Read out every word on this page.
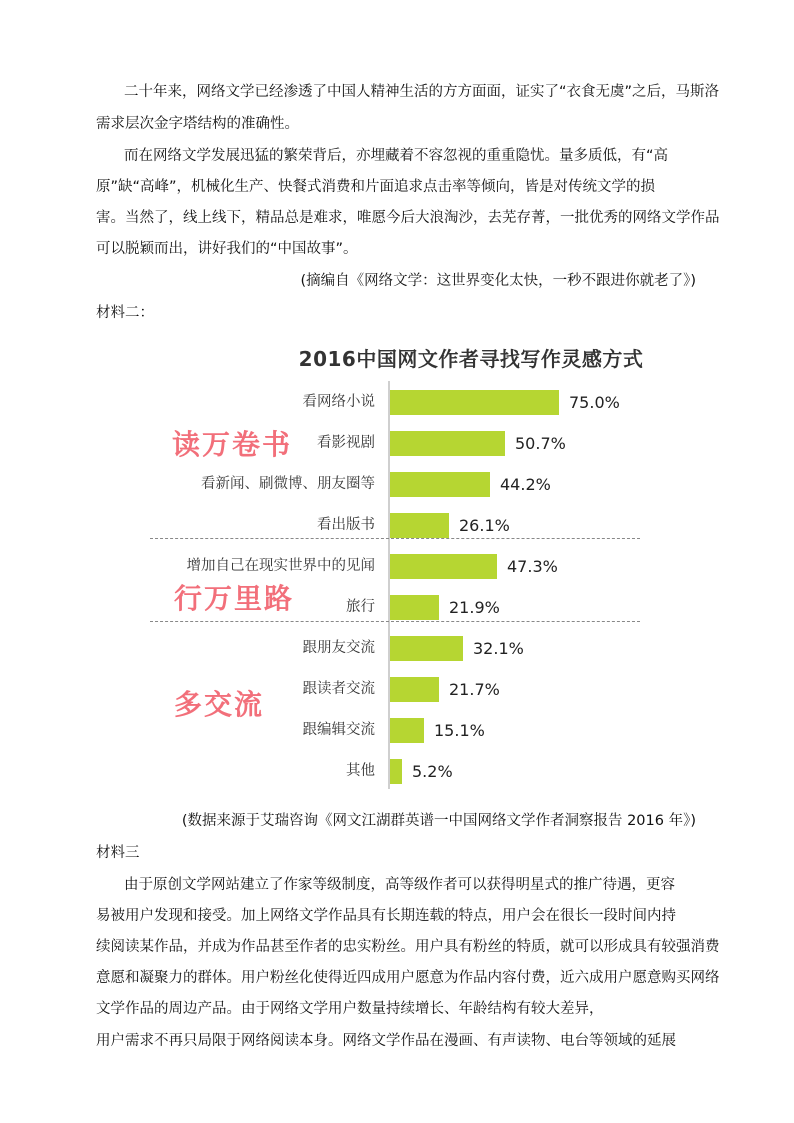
二十年来，网络文学已经渗透了中国人精神生活的方方面面，证实了“衣食无虞”之后，马斯洛
需求层次金字塔结构的准确性。
而在网络文学发展迅猛的繁荣背后，亦埋藏着不容忽视的重重隐忧。量多质低，有“高
原”缺“高峰”，机械化生产、快餐式消费和片面追求点击率等倾向，皆是对传统文学的损
害。当然了，线上线下，精品总是难求，唯愿今后大浪淘沙，去芜存菁，一批优秀的网络文学作品
可以脱颖而出，讲好我们的“中国故事”。
(摘编自《网络文学：这世界变化太快，一秒不跟进你就老了》)
材料二：
2016中国网文作者寻找写作灵感方式
看网络小说	75.0%
看影视剧	50.7%
看新闻、刷微博、朋友圈等	44.2%
看出版书	26.1%
增加自己在现实世界中的见闻	47.3%
旅行	21.9%
跟朋友交流	32.1%
跟读者交流	21.7%
跟编辑交流	15.1%
其他 5.2%
读万卷书
行万里路
多交流
(数据来源于艾瑞咨询《网文江湖群英谱一中国网络文学作者洞察报告 2016 年》)
材料三
由于原创文学网站建立了作家等级制度，高等级作者可以获得明星式的推广待遇，更容
易被用户发现和接受。加上网络文学作品具有长期连载的特点，用户会在很长一段时间内持
续阅读某作品，并成为作品甚至作者的忠实粉丝。用户具有粉丝的特质，就可以形成具有较强消费
意愿和凝聚力的群体。用户粉丝化使得近四成用户愿意为作品内容付费，近六成用户愿意购买网络
文学作品的周边产品。由于网络文学用户数量持续增长、年龄结构有较大差异，
用户需求不再只局限于网络阅读本身。网络文学作品在漫画、有声读物、电台等领域的延展
